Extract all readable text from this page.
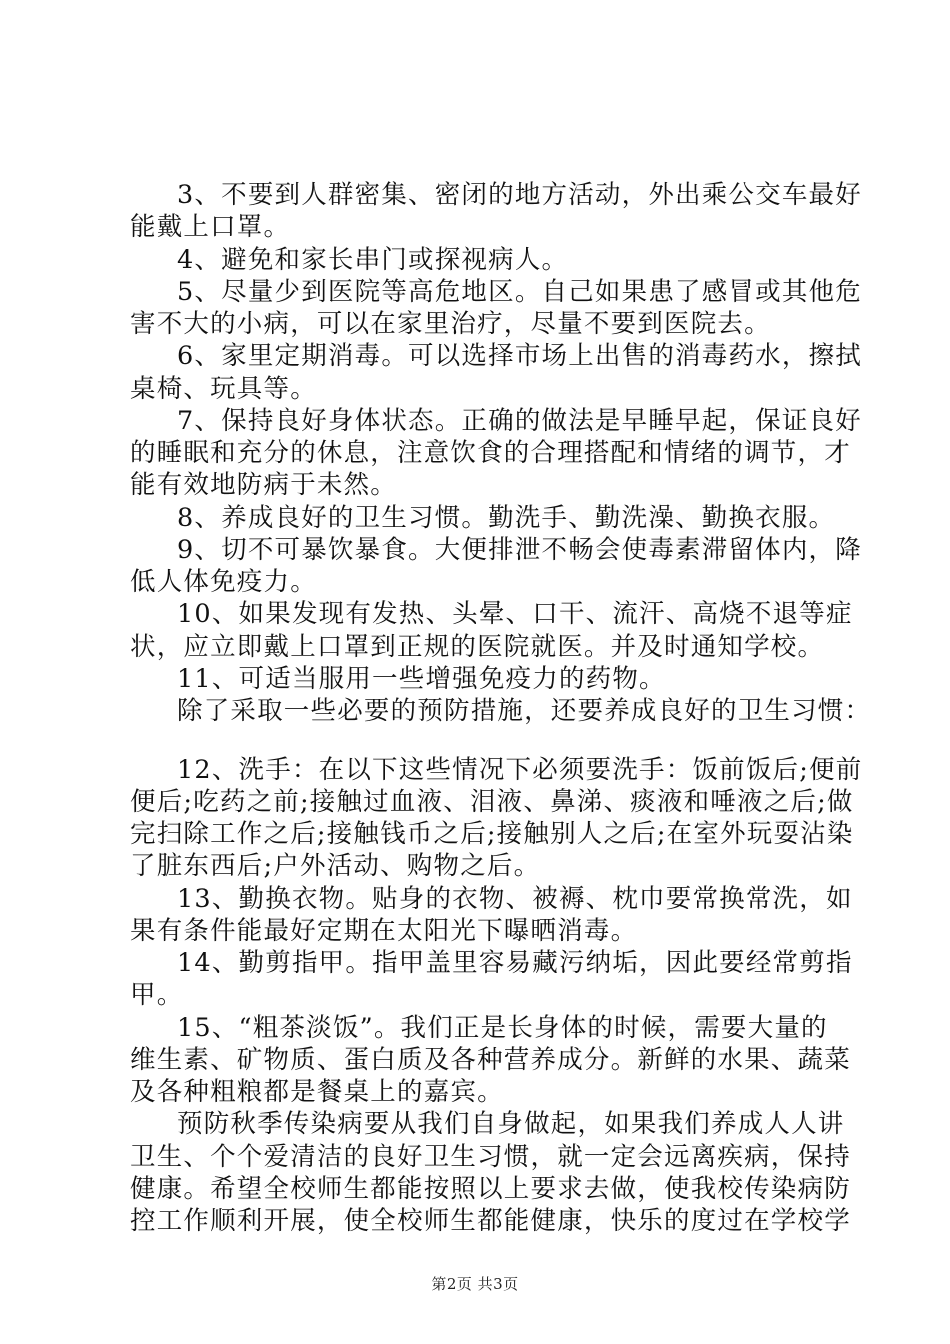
3、不要到人群密集、密闭的地方活动，外出乘公交车最好
能戴上口罩。
4、避免和家长串门或探视病人。
5、尽量少到医院等高危地区。自己如果患了感冒或其他危
害不大的小病，可以在家里治疗，尽量不要到医院去。
6、家里定期消毒。可以选择市场上出售的消毒药水，擦拭
桌椅、玩具等。
7、保持良好身体状态。正确的做法是早睡早起，保证良好
的睡眠和充分的休息，注意饮食的合理搭配和情绪的调节，才
能有效地防病于未然。
8、养成良好的卫生习惯。勤洗手、勤洗澡、勤换衣服。
9、切不可暴饮暴食。大便排泄不畅会使毒素滞留体内，降
低人体免疫力。
10、如果发现有发热、头晕、口干、流汗、高烧不退等症
状，应立即戴上口罩到正规的医院就医。并及时通知学校。
11、可适当服用一些增强免疫力的药物。
除了采取一些必要的预防措施，还要养成良好的卫生习惯：
12、洗手：在以下这些情况下必须要洗手：饭前饭后;便前
便后;吃药之前;接触过血液、泪液、鼻涕、痰液和唾液之后;做
完扫除工作之后;接触钱币之后;接触别人之后;在室外玩耍沾染
了脏东西后;户外活动、购物之后。
13、勤换衣物。贴身的衣物、被褥、枕巾要常换常洗，如
果有条件能最好定期在太阳光下曝晒消毒。
14、勤剪指甲。指甲盖里容易藏污纳垢，因此要经常剪指
甲。
15、“粗茶淡饭”。我们正是长身体的时候，需要大量的
维生素、矿物质、蛋白质及各种营养成分。新鲜的水果、蔬菜
及各种粗粮都是餐桌上的嘉宾。
预防秋季传染病要从我们自身做起，如果我们养成人人讲
卫生、个个爱清洁的良好卫生习惯，就一定会远离疾病，保持
健康。希望全校师生都能按照以上要求去做，使我校传染病防
控工作顺利开展，使全校师生都能健康，快乐的度过在学校学
第2页 共3页
